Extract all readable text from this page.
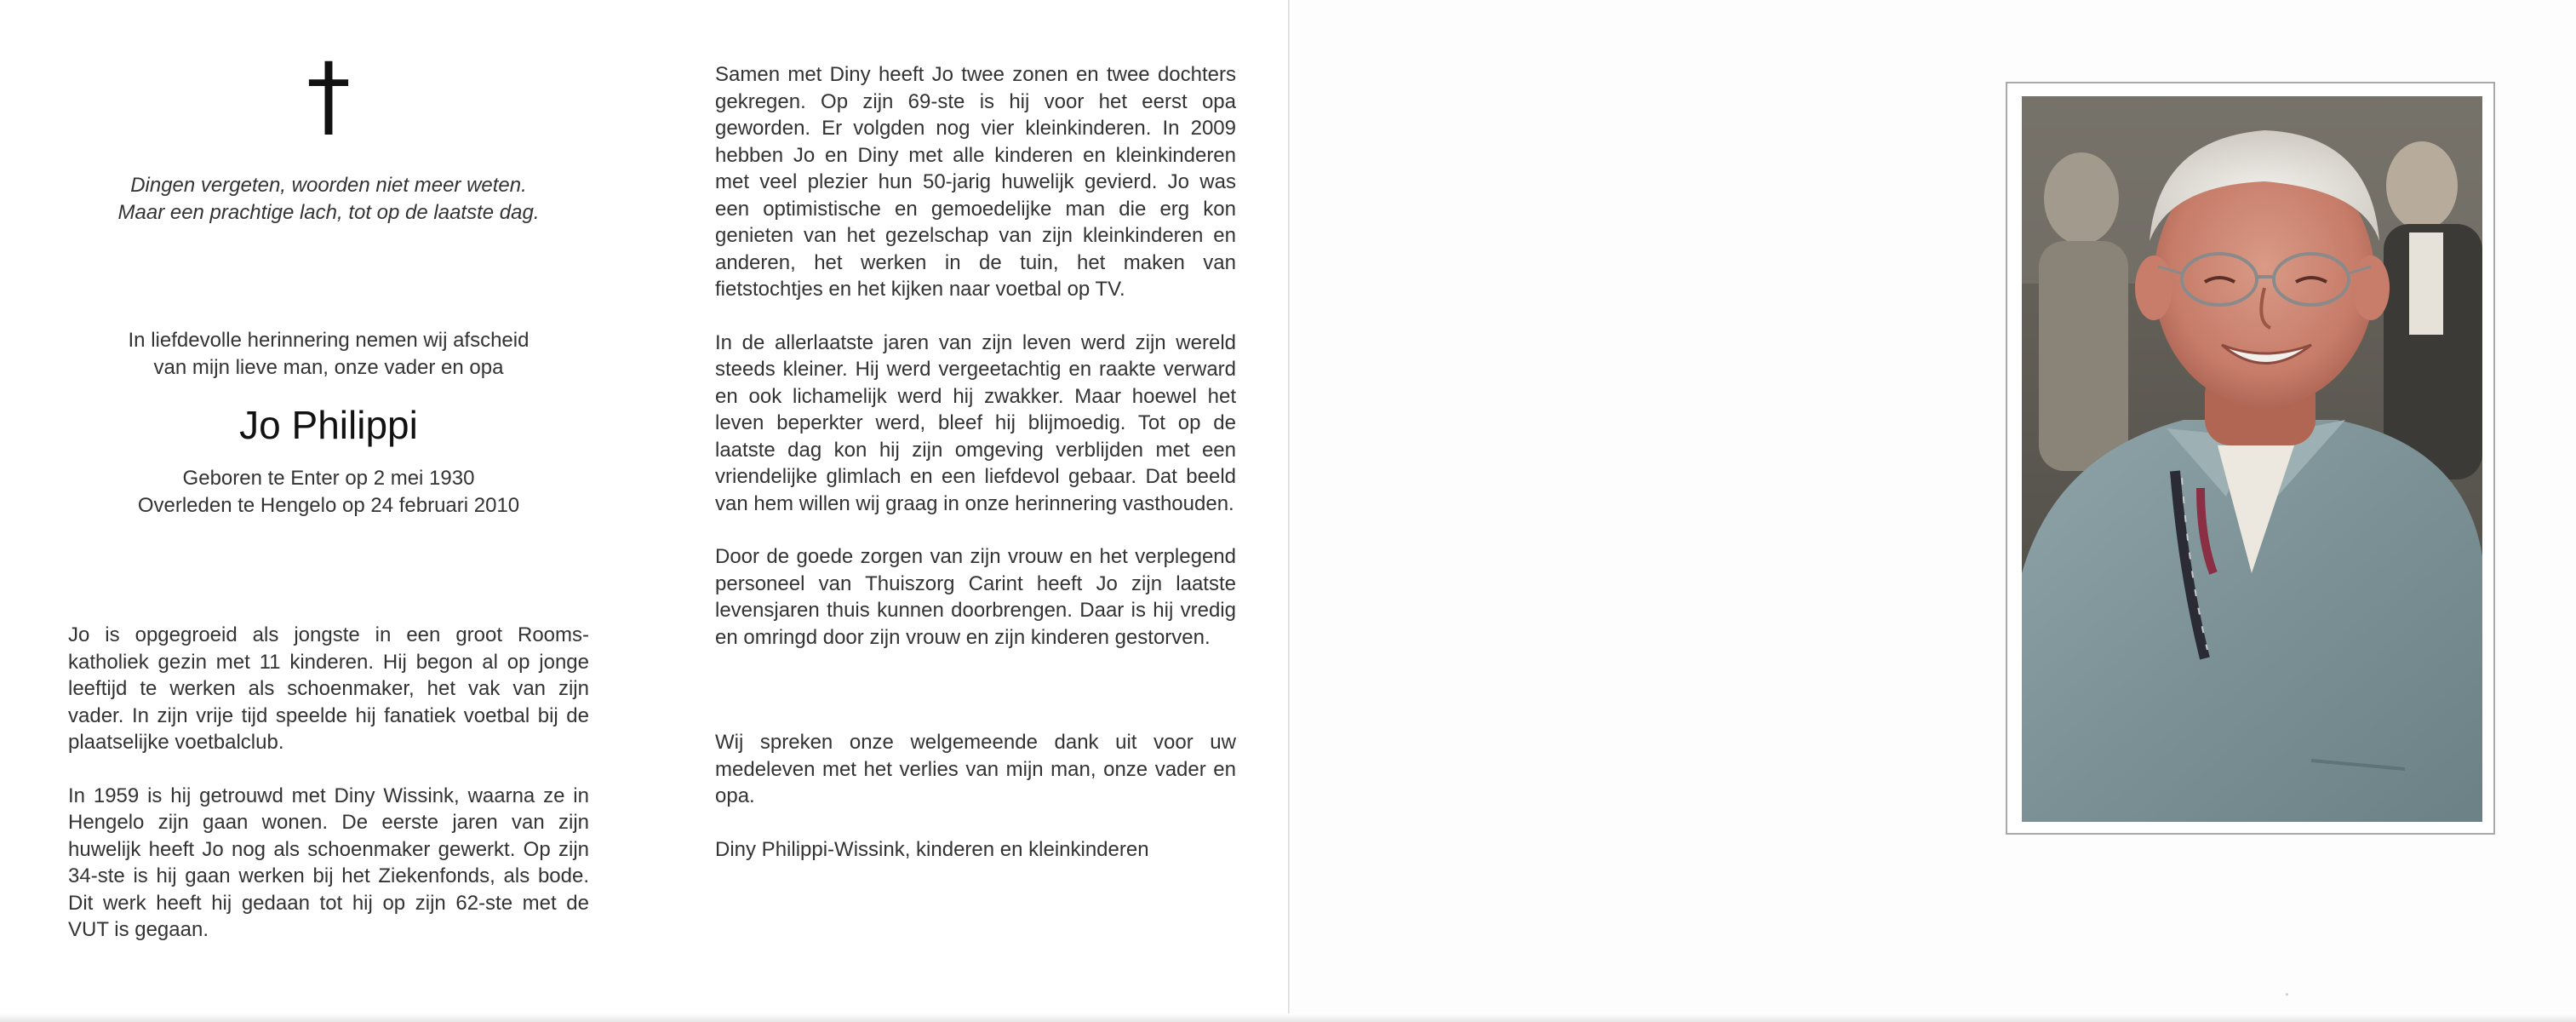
†
Dingen vergeten, woorden niet meer weten.
Maar een prachtige lach, tot op de laatste dag.
In liefdevolle herinnering nemen wij afscheid
van mijn lieve man, onze vader en opa
Jo Philippi
Geboren te Enter op 2 mei 1930
Overleden te Hengelo op 24 februari 2010
Jo is opgegroeid als jongste in een groot Rooms-katholiek gezin met 11 kinderen. Hij begon al op jonge leeftijd te werken als schoenmaker, het vak van zijn vader. In zijn vrije tijd speelde hij fanatiek voetbal bij de plaatselijke voetbalclub.
In 1959 is hij getrouwd met Diny Wissink, waarna ze in Hengelo zijn gaan wonen. De eerste jaren van zijn huwelijk heeft Jo nog als schoenmaker gewerkt. Op zijn 34-ste is hij gaan werken bij het Ziekenfonds, als bode. Dit werk heeft hij gedaan tot hij op zijn 62-ste met de VUT is gegaan.
Samen met Diny heeft Jo twee zonen en twee dochters gekregen. Op zijn 69-ste is hij voor het eerst opa geworden. Er volgden nog vier kleinkinderen. In 2009 hebben Jo en Diny met alle kinderen en kleinkinderen met veel plezier hun 50-jarig huwelijk gevierd. Jo was een optimistische en gemoedelijke man die erg kon genieten van het gezelschap van zijn kleinkinderen en anderen, het werken in de tuin, het maken van fietstochtjes en het kijken naar voetbal op TV.
In de allerlaatste jaren van zijn leven werd zijn wereld steeds kleiner. Hij werd vergeetachtig en raakte verward en ook lichamelijk werd hij zwakker. Maar hoewel het leven beperkter werd, bleef hij blijmoedig. Tot op de laatste dag kon hij zijn omgeving verblijden met een vriendelijke glimlach en een liefdevol gebaar. Dat beeld van hem willen wij graag in onze herinnering vasthouden.
Door de goede zorgen van zijn vrouw en het verplegend personeel van Thuiszorg Carint heeft Jo zijn laatste levensjaren thuis kunnen doorbrengen. Daar is hij vredig en omringd door zijn vrouw en zijn kinderen gestorven.
Wij spreken onze welgemeende dank uit voor uw medeleven met het verlies van mijn man, onze vader en opa.
Diny Philippi-Wissink, kinderen en kleinkinderen
